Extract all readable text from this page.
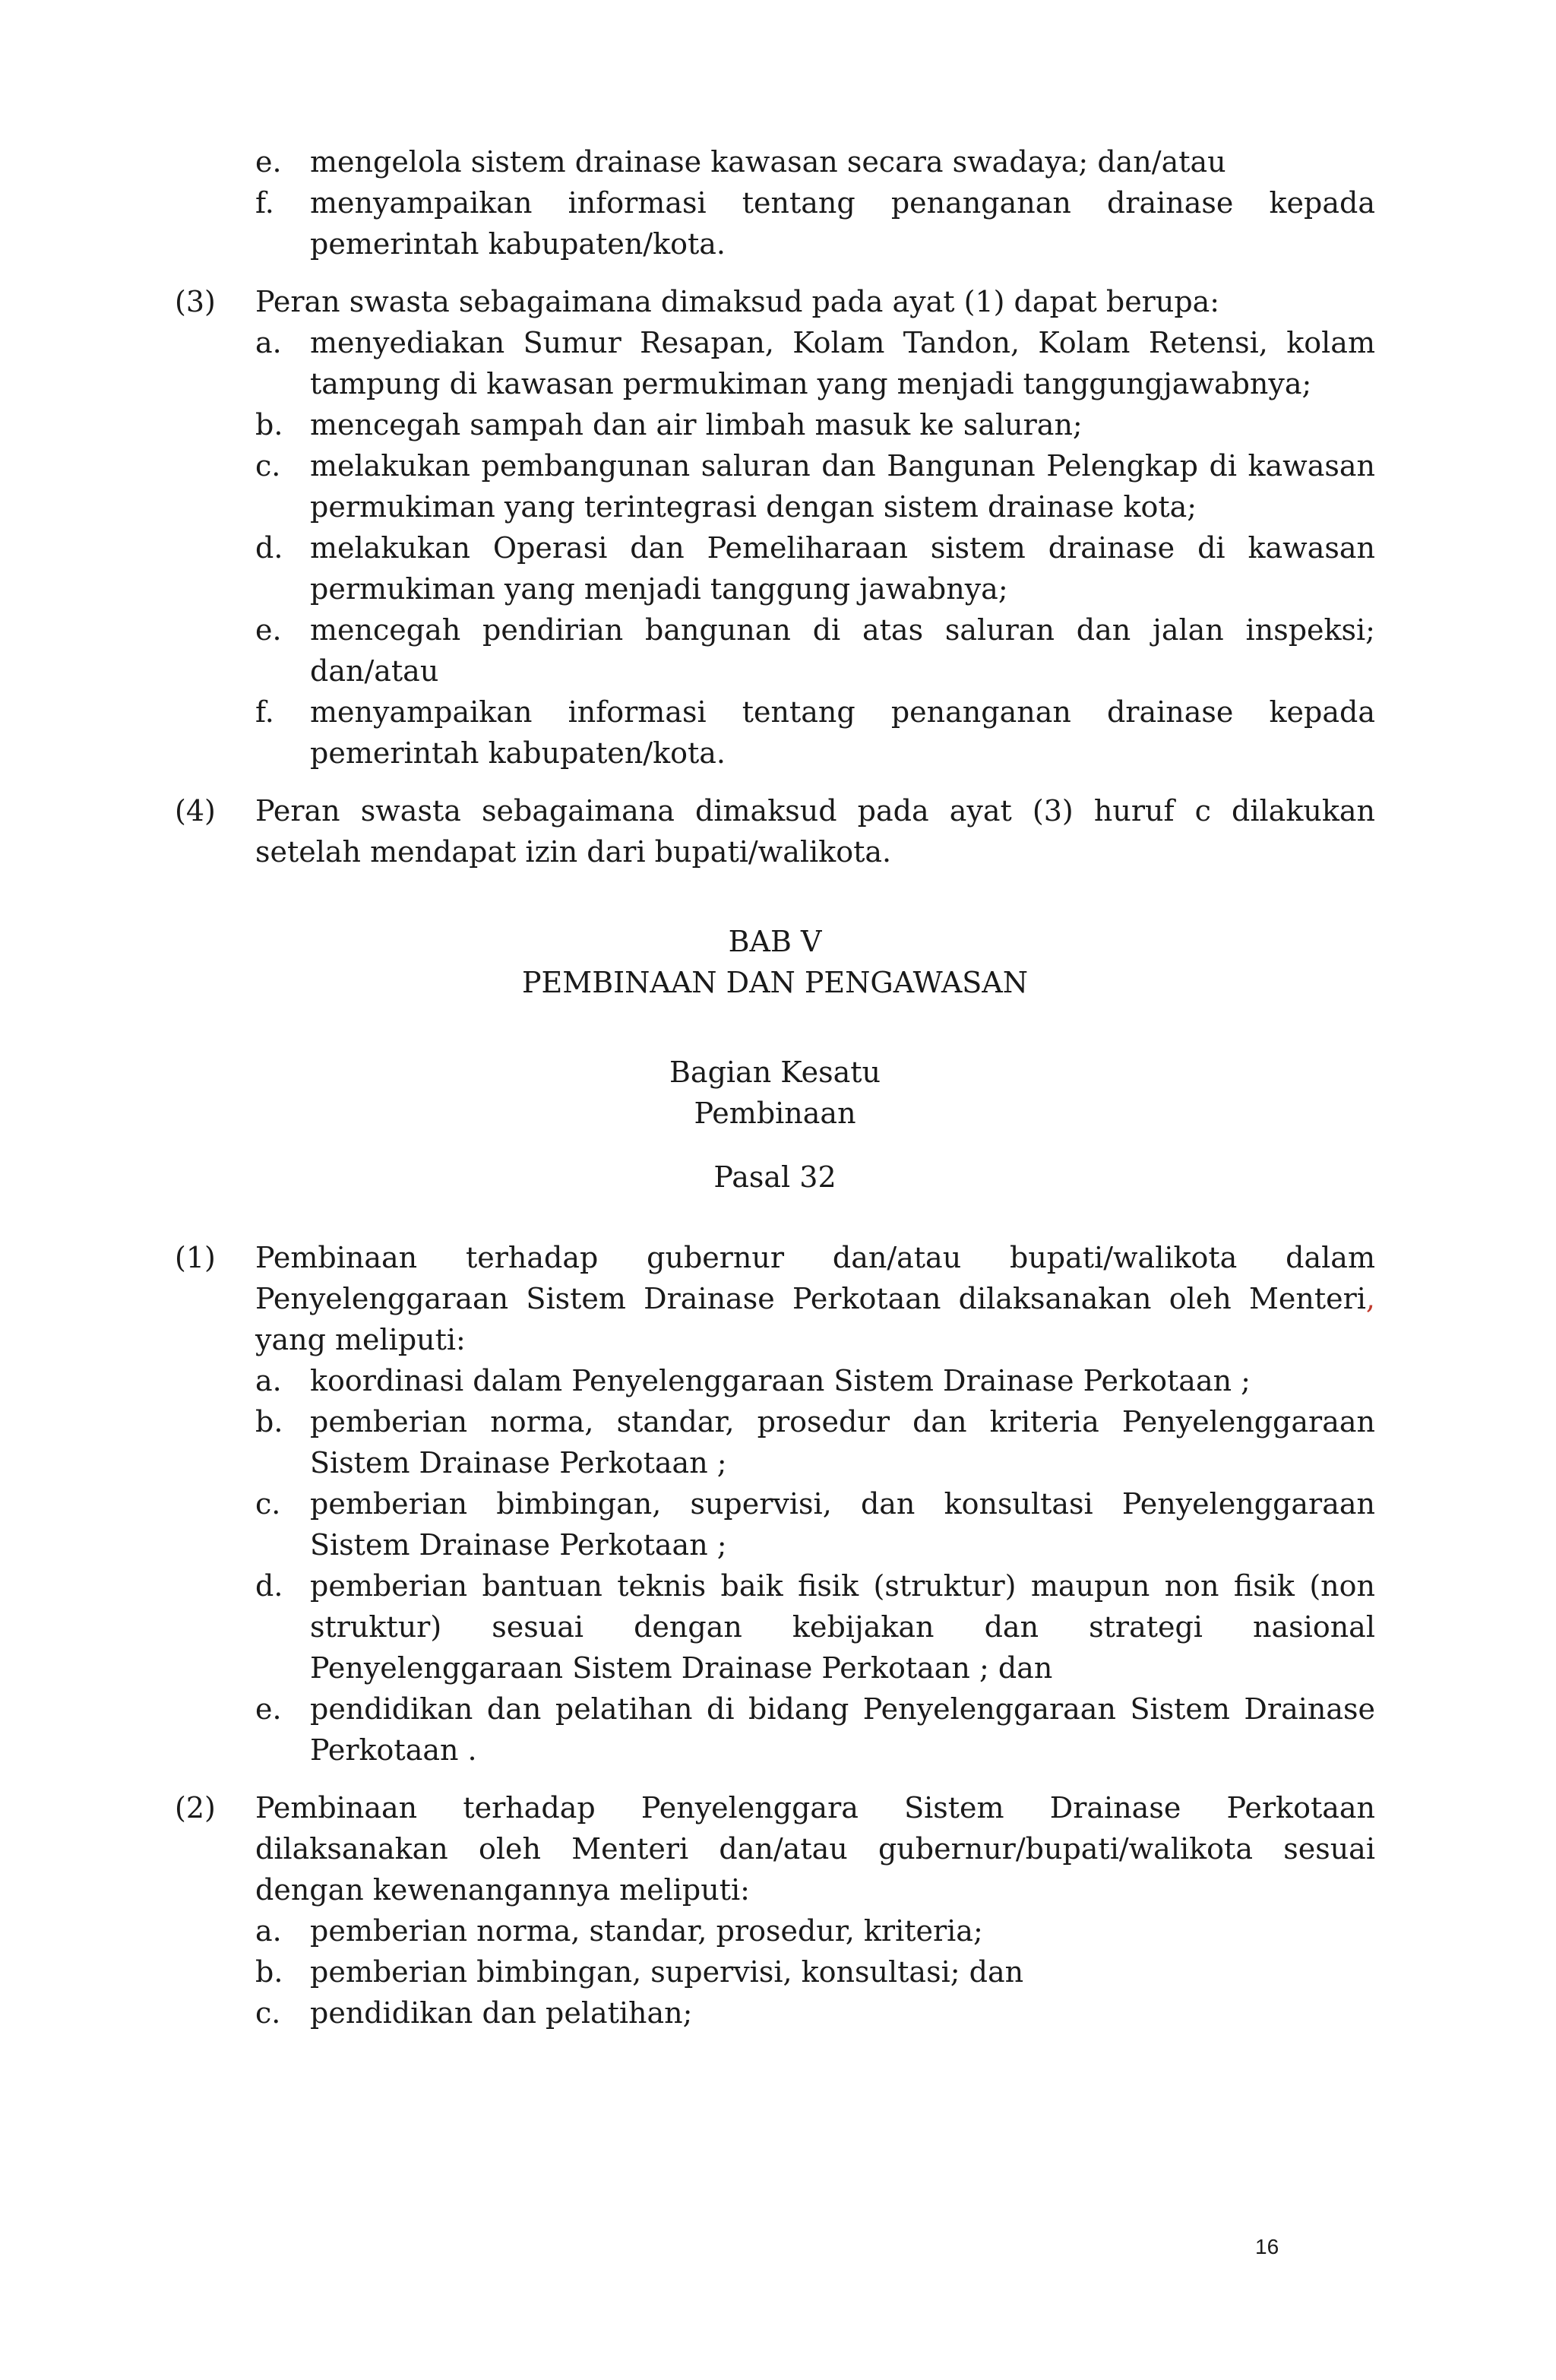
e. mengelola sistem drainase kawasan secara swadaya; dan/atau
f.	menyampaikan informasi tentang penanganan drainase kepada pemerintah kabupaten/kota.
(3)	Peran swasta sebagaimana dimaksud pada ayat (1) dapat berupa:
a. menyediakan Sumur Resapan, Kolam Tandon, Kolam Retensi, kolam tampung di kawasan permukiman yang menjadi tanggungjawabnya;
b. mencegah sampah dan air limbah masuk ke saluran;
c.	melakukan pembangunan saluran dan Bangunan Pelengkap di kawasan permukiman yang terintegrasi dengan sistem drainase kota;
d. melakukan Operasi dan Pemeliharaan sistem drainase di kawasan permukiman yang menjadi tanggung jawabnya;
e. mencegah pendirian bangunan di atas saluran dan jalan inspeksi; dan/atau
f.	menyampaikan informasi tentang penanganan drainase kepada pemerintah kabupaten/kota.
(4)	Peran swasta sebagaimana dimaksud pada ayat (3) huruf c dilakukan setelah mendapat izin dari bupati/walikota.
BAB V
PEMBINAAN DAN PENGAWASAN
Bagian Kesatu
Pembinaan
Pasal 32
(1)	Pembinaan terhadap gubernur dan/atau bupati/walikota dalam Penyelenggaraan Sistem Drainase Perkotaan dilaksanakan oleh Menteri, yang meliputi:
a. koordinasi dalam Penyelenggaraan Sistem Drainase Perkotaan ;
b. pemberian norma, standar, prosedur dan kriteria Penyelenggaraan Sistem Drainase Perkotaan ;
c.	pemberian bimbingan, supervisi, dan konsultasi Penyelenggaraan Sistem Drainase Perkotaan ;
d. pemberian bantuan teknis baik fisik (struktur) maupun non fisik (non struktur) sesuai dengan kebijakan dan strategi nasional Penyelenggaraan Sistem Drainase Perkotaan ; dan
e. pendidikan dan pelatihan di bidang Penyelenggaraan Sistem Drainase Perkotaan .
(2)	Pembinaan terhadap Penyelenggara Sistem Drainase Perkotaan dilaksanakan oleh Menteri dan/atau gubernur/bupati/walikota sesuai dengan kewenangannya meliputi:
a. pemberian norma, standar, prosedur, kriteria;
b. pemberian bimbingan, supervisi, konsultasi; dan
c.	pendidikan dan pelatihan;
16
